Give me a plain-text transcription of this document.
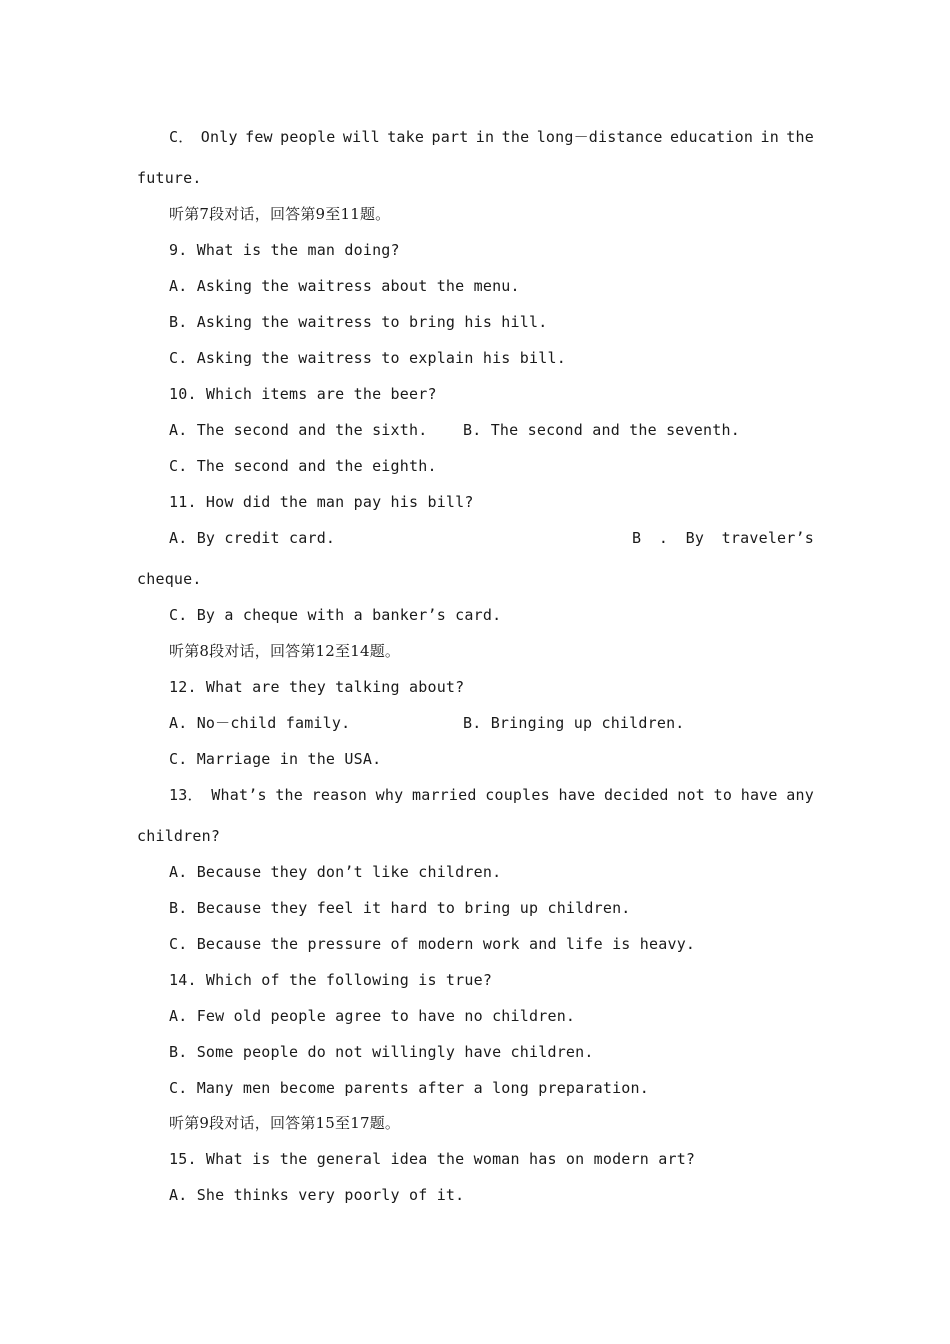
C． Only few people will take part in the long－distance education in the
future.
听第7段对话，回答第9至11题。
9. What is the man doing?
A. Asking the waitress about the menu.
B. Asking the waitress to bring his hill.
C. Asking the waitress to explain his bill.
10. Which items are the beer?
A. The second and the sixth. B. The second and the seventh.
C. The second and the eighth.
11. How did the man pay his bill?
A. By credit card.	B . By traveler’s
cheque.
C. By a cheque with a banker’s card.
听第8段对话，回答第12至14题。
12. What are they talking about?
A. No－child family.	B. Bringing up children.
C. Marriage in the USA.
13． What’s the reason why married couples have decided not to have any
children?
A. Because they don’t like children.
B. Because they feel it hard to bring up children.
C. Because the pressure of modern work and life is heavy.
14. Which of the following is true?
A. Few old people agree to have no children.
B. Some people do not willingly have children.
C. Many men become parents after a long preparation.
听第9段对话，回答第15至17题。
15. What is the general idea the woman has on modern art?
A. She thinks very poorly of it.
